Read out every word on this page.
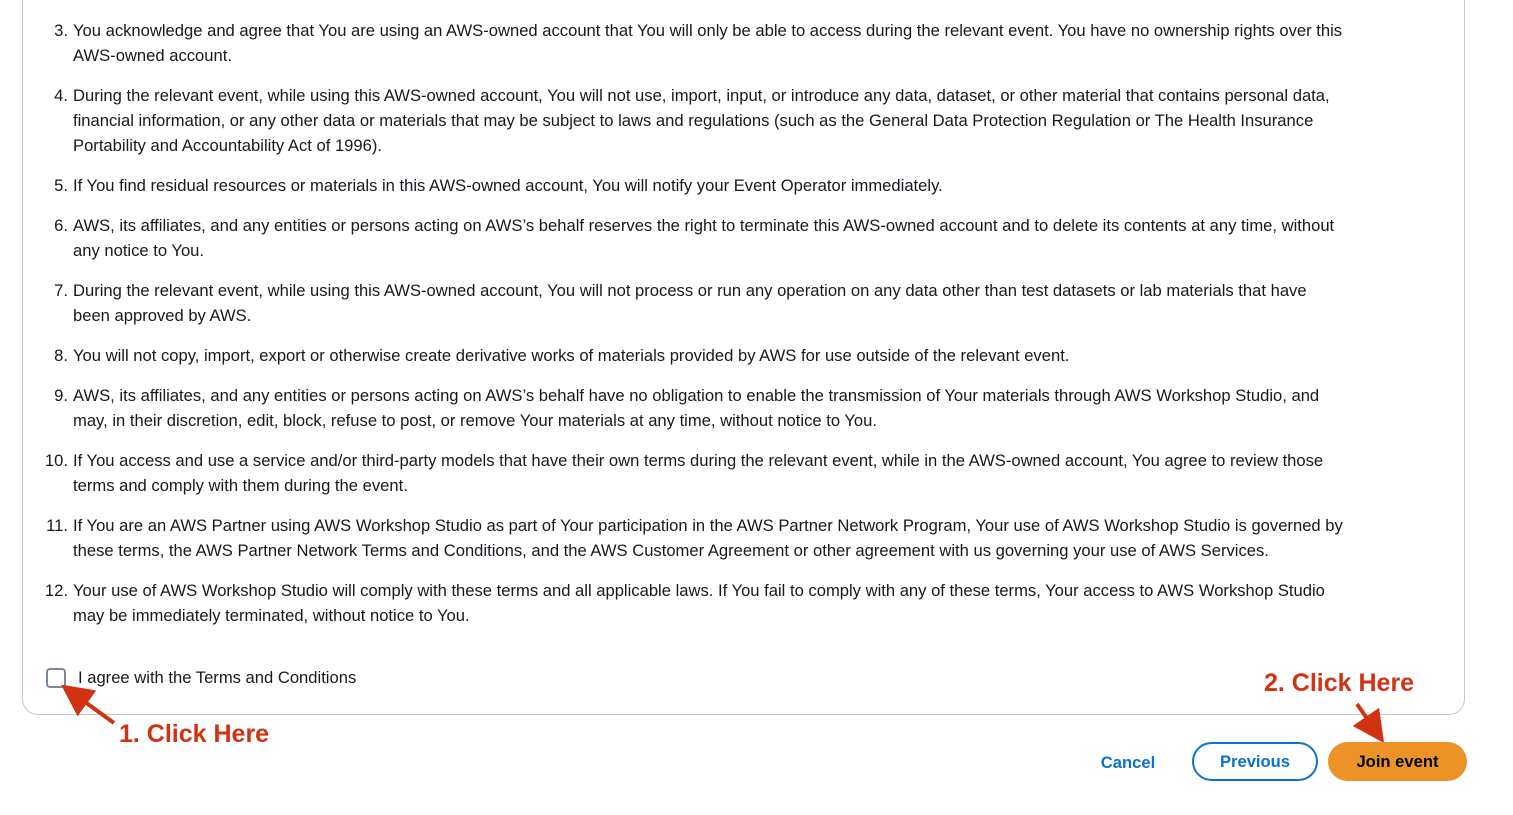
3. You acknowledge and agree that You are using an AWS-owned account that You will only be able to access during the relevant event. You have no ownership rights over this
AWS-owned account.
4. During the relevant event, while using this AWS-owned account, You will not use, import, input, or introduce any data, dataset, or other material that contains personal data,
financial information, or any other data or materials that may be subject to laws and regulations (such as the General Data Protection Regulation or The Health Insurance
Portability and Accountability Act of 1996).
5. If You find residual resources or materials in this AWS-owned account, You will notify your Event Operator immediately.
6. AWS, its affiliates, and any entities or persons acting on AWS’s behalf reserves the right to terminate this AWS-owned account and to delete its contents at any time, without
any notice to You.
7. During the relevant event, while using this AWS-owned account, You will not process or run any operation on any data other than test datasets or lab materials that have
been approved by AWS.
8. You will not copy, import, export or otherwise create derivative works of materials provided by AWS for use outside of the relevant event.
9. AWS, its affiliates, and any entities or persons acting on AWS’s behalf have no obligation to enable the transmission of Your materials through AWS Workshop Studio, and
may, in their discretion, edit, block, refuse to post, or remove Your materials at any time, without notice to You.
10. If You access and use a service and/or third-party models that have their own terms during the relevant event, while in the AWS-owned account, You agree to review those
terms and comply with them during the event.
11. If You are an AWS Partner using AWS Workshop Studio as part of Your participation in the AWS Partner Network Program, Your use of AWS Workshop Studio is governed by
these terms, the AWS Partner Network Terms and Conditions, and the AWS Customer Agreement or other agreement with us governing your use of AWS Services.
12. Your use of AWS Workshop Studio will comply with these terms and all applicable laws. If You fail to comply with any of these terms, Your access to AWS Workshop Studio
may be immediately terminated, without notice to You.
I agree with the Terms and Conditions
1. Click Here
2. Click Here
Cancel	Previous	Join event
